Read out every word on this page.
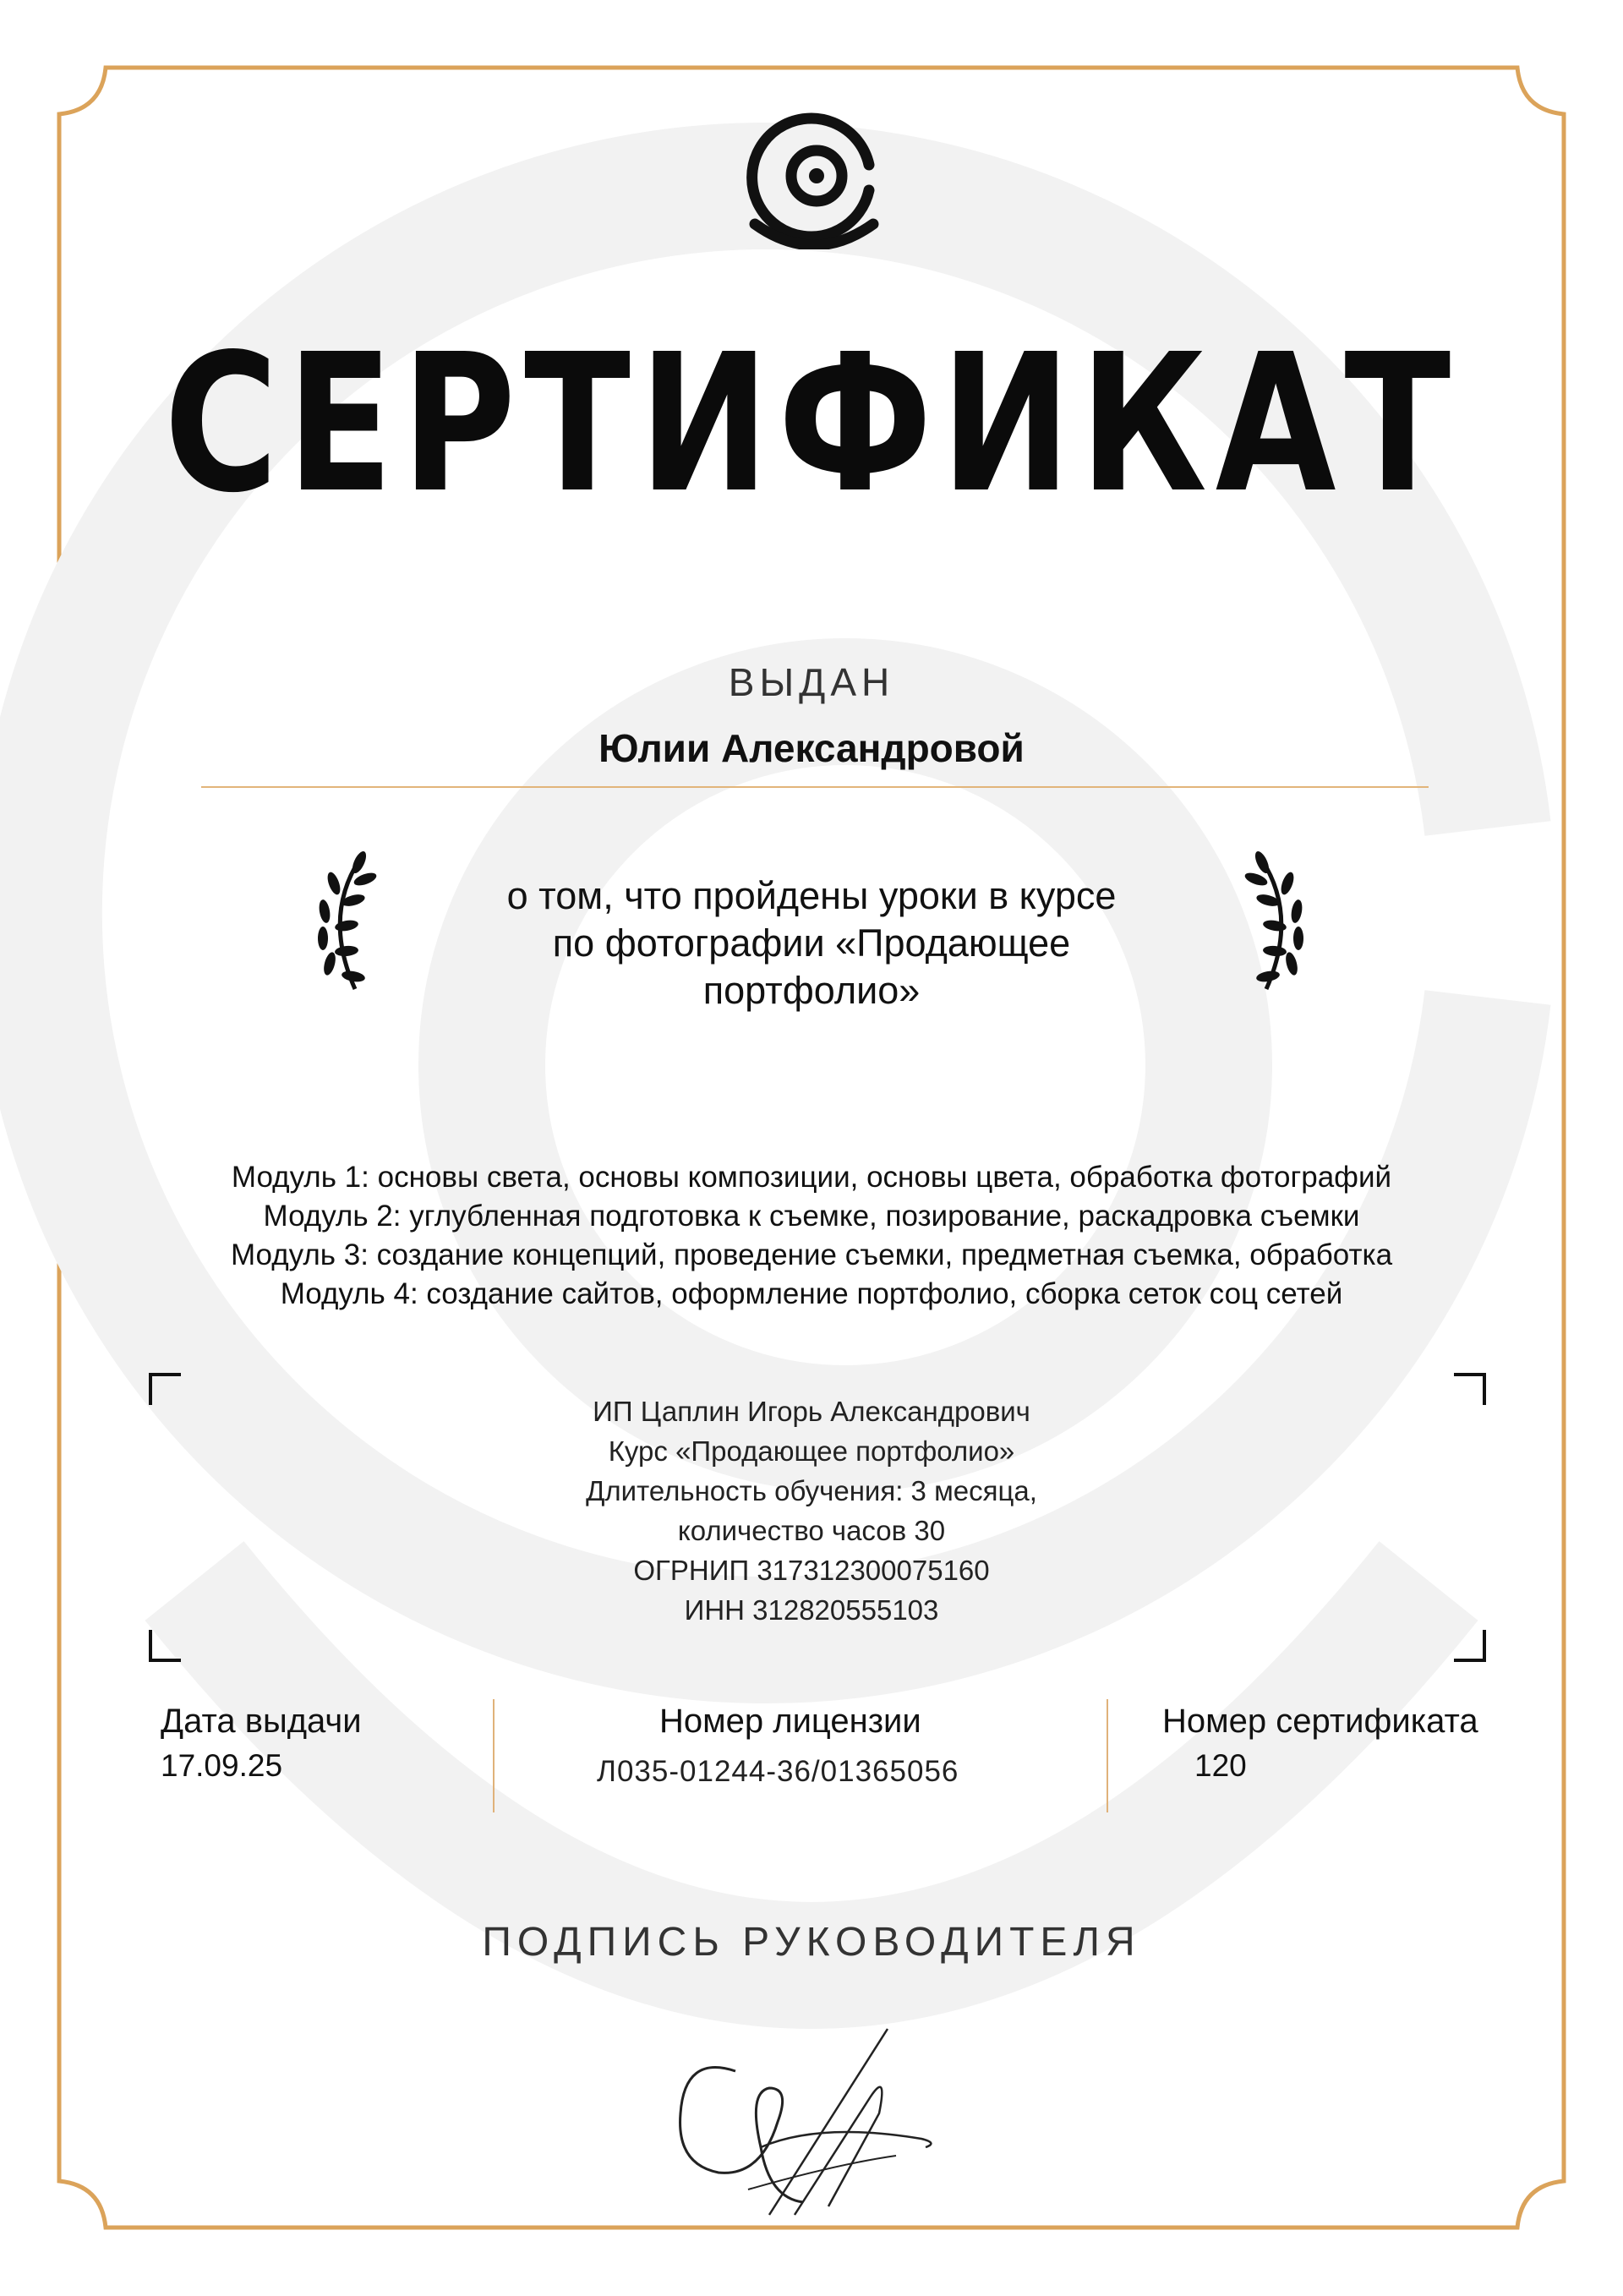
СЕРТИФИКАТ
ВЫДАН
Юлии Александровой
о том, что пройдены уроки в курсе
по фотографии «Продающее
портфолио»
Модуль 1: основы света, основы композиции, основы цвета, обработка фотографий
Модуль 2: углубленная подготовка к съемке, позирование, раскадровка съемки
Модуль 3: создание концепций, проведение съемки, предметная съемка, обработка
Модуль 4: создание сайтов, оформление портфолио, сборка сеток соц сетей
ИП Цаплин Игорь Александрович
Курс «Продающее портфолио»
Длительность обучения: 3 месяца,
количество часов 30
ОГРНИП 317312300075160
ИНН 312820555103
Дата выдачи
17.09.25
Номер лицензии
Л035-01244-36/01365056
Номер сертификата
120
ПОДПИСЬ РУКОВОДИТЕЛЯ
